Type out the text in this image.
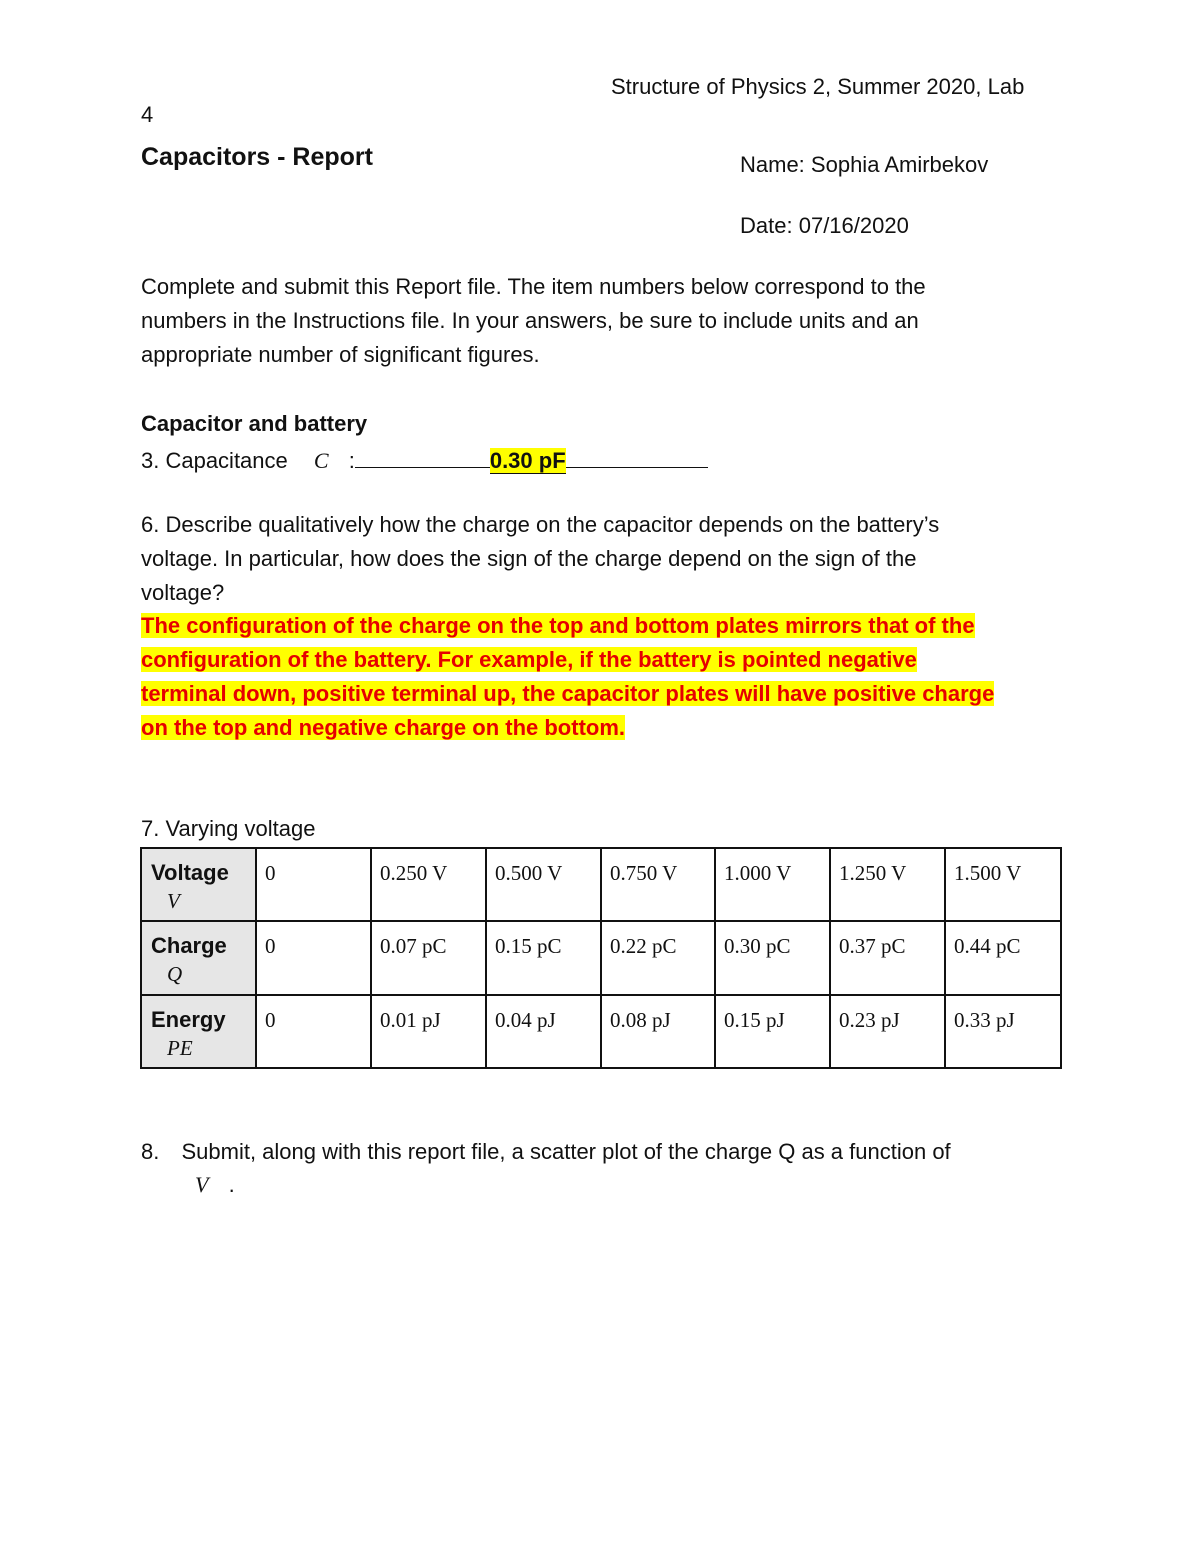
Structure of Physics 2, Summer 2020, Lab

4

Capacitors - Report	Name: Sophia Amirbekov

Date: 07/16/2020

Complete and submit this Report file. The item numbers below correspond to the
numbers in the Instructions file. In your answers, be sure to include units and an
appropriate number of significant figures.

Capacitor and battery

3. Capacitance C :	0.30 pF
6. Describe qualitatively how the charge on the capacitor depends on the battery’s
voltage. In particular, how does the sign of the charge depend on the sign of the
voltage?
The configuration of the charge on the top and bottom plates mirrors that of the
configuration of the battery. For example, if the battery is pointed negative
terminal down, positive terminal up, the capacitor plates will have positive charge
on the top and negative charge on the bottom.

7. Varying voltage

Voltage
V	0	0.250 V	0.500 V	0.750 V	1.000 V	1.250 V	1.500 V
Charge
Q	0	0.07 pC	0.15 pC	0.22 pC	0.30 pC	0.37 pC	0.44 pC
Energy
PE	0	0.01 pJ	0.04 pJ	0.08 pJ	0.15 pJ	0.23 pJ	0.33 pJ
8. Submit, along with this report file, a scatter plot of the charge Q as a function of
V .
